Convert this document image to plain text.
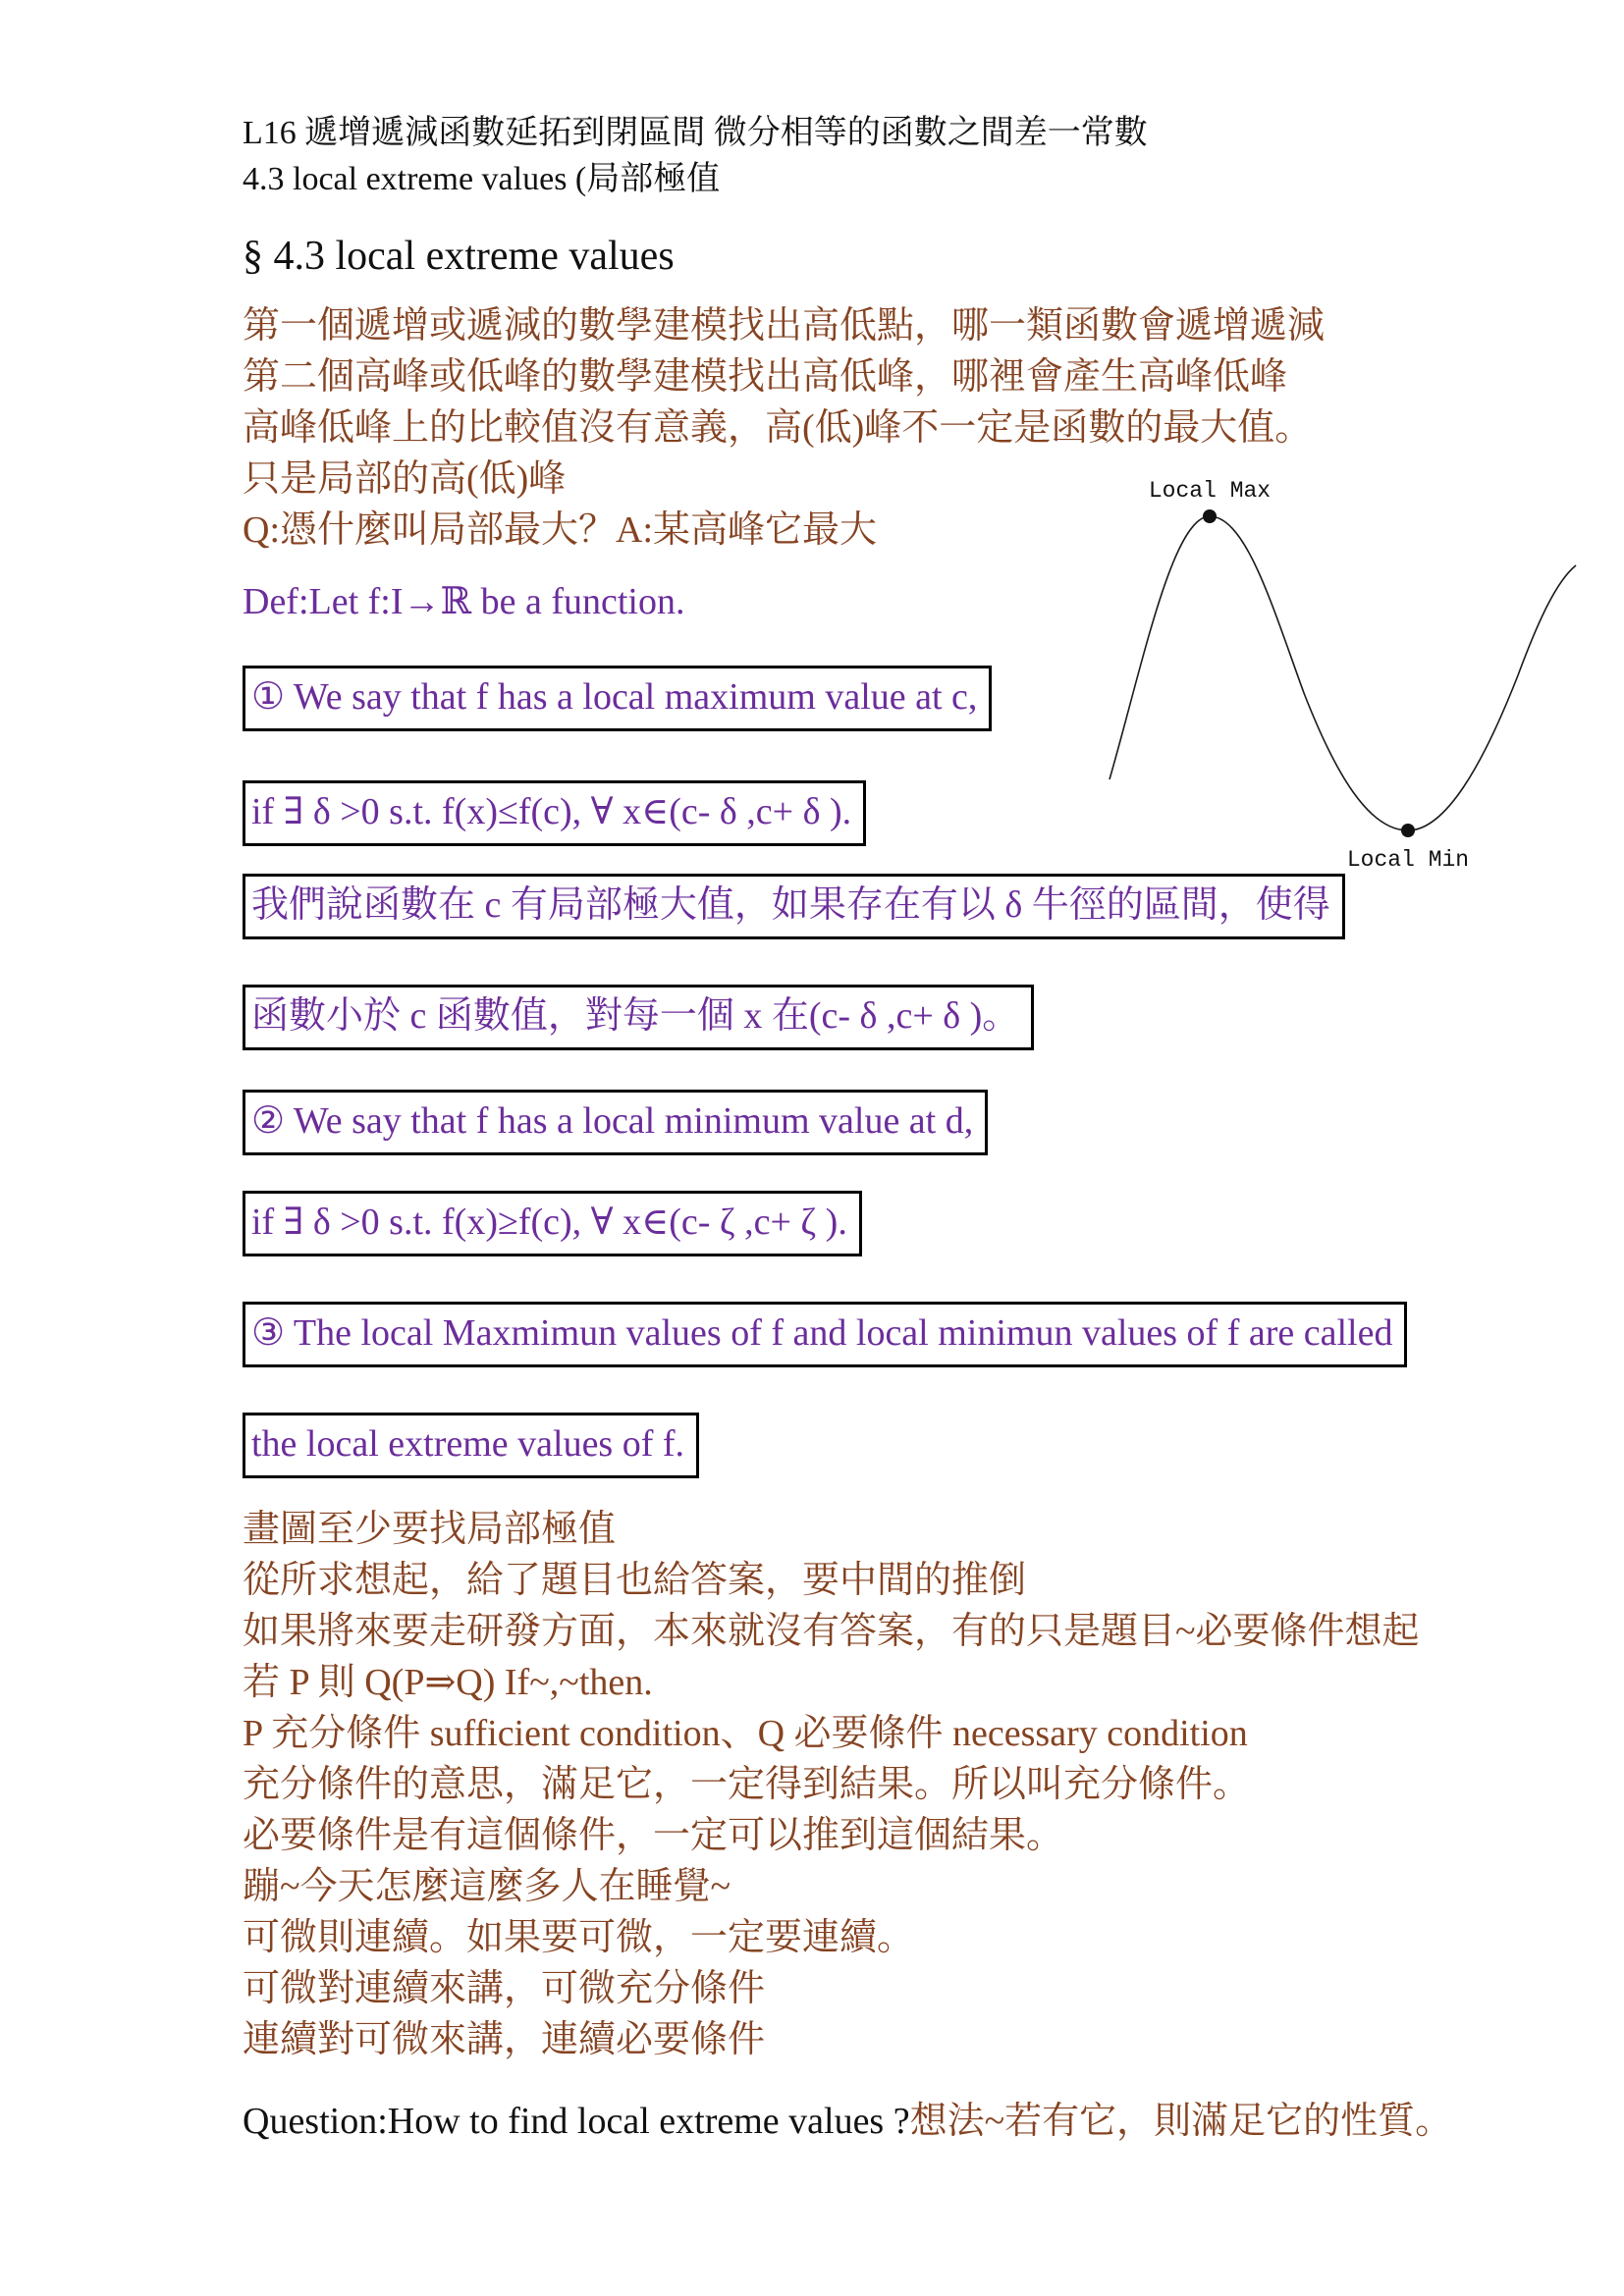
L16 遞增遞減函數延拓到閉區間 微分相等的函數之間差一常數
4.3 local extreme values (局部極值
§ 4.3 local extreme values
第一個遞增或遞減的數學建模找出高低點，哪一類函數會遞增遞減
第二個高峰或低峰的數學建模找出高低峰，哪裡會產生高峰低峰
高峰低峰上的比較值沒有意義，高(低)峰不一定是函數的最大值。
只是局部的高(低)峰
Q:憑什麼叫局部最大？A:某高峰它最大
Def:Let f:I→ℝ be a function.
① We say that f has a local maximum value at c,
if ∃ δ >0 s.t. f(x)≤f(c), ∀ x∈(c- δ ,c+ δ ).
我們說函數在 c 有局部極大值，如果存在有以 δ 牛徑的區間，使得
函數小於 c 函數值，對每一個 x 在(c- δ ,c+ δ )。
② We say that f has a local minimum value at d,
if ∃ δ >0 s.t. f(x)≥f(c), ∀ x∈(c- ζ ,c+ ζ ).
③ The local Maxmimun values of f and local minimun values of f are called
the local extreme values of f.
畫圖至少要找局部極值
從所求想起，給了題目也給答案，要中間的推倒
如果將來要走研發方面，本來就沒有答案，有的只是題目~必要條件想起
若 P 則 Q(P⇒Q) If~,~then.
P 充分條件 sufficient condition、Q 必要條件 necessary condition
充分條件的意思，滿足它，一定得到結果。所以叫充分條件。
必要條件是有這個條件，一定可以推到這個結果。
蹦~今天怎麼這麼多人在睡覺~
可微則連續。如果要可微，一定要連續。
可微對連續來講，可微充分條件
連續對可微來講，連續必要條件
Question:How to find local extreme values ?想法~若有它，則滿足它的性質。
Local Max
Local Min
